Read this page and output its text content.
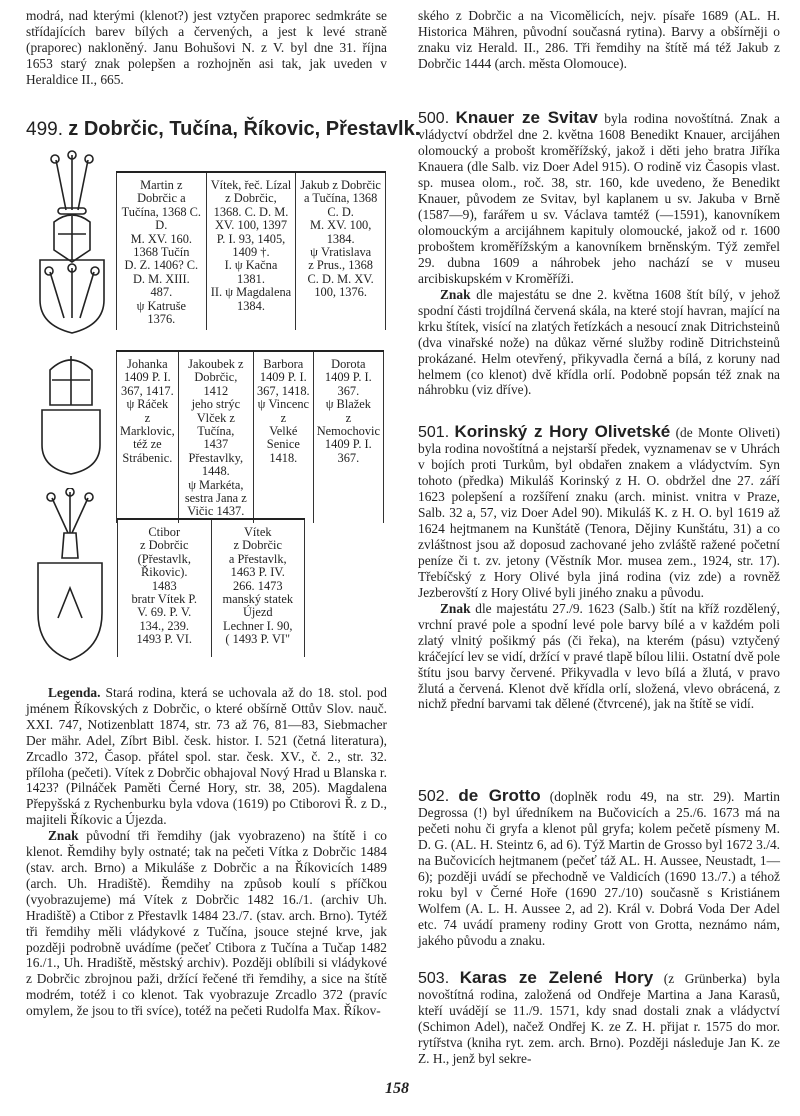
modrá, nad kterými (klenot?) jest vztyčen praporec sedmkráte se střídajících barev bílých a červených, a jest k levé straně (praporec) nakloněný. Janu Bohušovi N. z V. byl dne 31. října 1653 starý znak polepšen a rozhojněn asi tak, jak uveden v Heraldice II., 665.

499. z Dobrčic, Tučína, Říkovic, Přestavlk.
Martin z Dobrčic a Tučína, 1368 C. D.
M. XV. 160.
1368 Tučín
D. Z. 1406? C.
D. M. XIII.
487.
ψ Katruše
1376.	Vítek, řeč. Lízal z Dobrčic,
1368. C. D. M.
XV. 100, 1397
P. I. 93, 1405,
1409 †.
I. ψ Kačna
1381.
II. ψ Magdalena 1384.	Jakub z Dobrčic a Tučína, 1368 C. D.
M. XV. 100,
1384.
ψ Vratislava
z Prus., 1368
C. D. M. XV.
100, 1376.
Johanka
1409 P. I.
367, 1417.
ψ Ráček
z Marklovic, též ze
Strábenic.	Jakoubek z
Dobrčic, 1412
jeho strýc Vlček z Tučína,
1437 Přestavlky, 1448.
ψ Markéta,
sestra Jana z
Vičic 1437.	Barbora
1409 P. I.
367, 1418.
ψ Vincenc z
Velké Senice 1418.	Dorota
1409 P. I.
367.
ψ Blažek
z Nemochovic
1409 P. I.
367.
Ctibor
z Dobrčic
(Přestavlk,
Řikovic).
1483
bratr Vítek P.
V. 69. P. V.
134., 239.
1493 P. VI.	Vítek
z Dobrčic
a Přestavlk,
1463 P. IV.
266. 1473
manský statek
Újezd
Lechner I. 90,
( 1493 P. VI"

Legenda. Stará rodina, která se uchovala až do 18. stol. pod jménem Říkovských z Dobrčic, o které obšírně Ottův Slov. nauč. XXI. 747, Notizenblatt 1874, str. 73 až 76, 81—83, Siebmacher Der mähr. Adel, Zíbrt Bibl. česk. histor. I. 521 (četná literatura), Zrcadlo 372, Časop. přátel spol. star. česk. XV., č. 2., str. 32. příloha (pečeti). Vítek z Dobrčic obhajoval Nový Hrad u Blanska r. 1423? (Pilnáček Paměti Černé Hory, str. 38, 205). Magdalena Přepyšská z Rychenburku byla vdova (1619) po Ctiborovi Ř. z D., majiteli Říkovic a Újezda.

Znak původní tři řemdihy (jak vyobrazeno) na štítě i co klenot. Řemdihy byly ostnaté; tak na pečeti Vítka z Dobrčic 1484 (stav. arch. Brno) a Mikuláše z Dobrčic a na Říkovicích 1489 (arch. Uh. Hradiště). Řemdihy na způsob koulí s příčkou (vyobrazujeme) má Vítek z Dobrčic 1482 16./1. (archiv Uh. Hradiště) a Ctibor z Přestavlk 1484 23./7. (stav. arch. Brno). Tytéž tři řemdihy měli vládykové z Tučína, jsouce stejné krve, jak později podrobně uvádíme (pečeť Ctibora z Tučína a Tučap 1482 16./1., Uh. Hradiště, městský archiv). Později oblíbili si vládykové z Dobrčic zbrojnou paži, držící řečené tři řemdihy, a sice na štítě modrém, totéž i co klenot. Tak vyobrazuje Zrcadlo 372 (pravíc omylem, že jsou to tři svíce), totéž na pečeti Rudolfa Max. Říkov-

ského z Dobrčic a na Vicomělicích, nejv. písaře 1689 (AL. H. Historica Mähren, původní současná rytina). Barvy a obšírněji o znaku viz Herald. II., 286. Tři řemdihy na štítě má též Jakub z Dobrčic 1444 (arch. města Olomouce).

500. Knauer ze Svitav byla rodina novoštítná. Znak a vládyctví obdržel dne 2. května 1608 Benedikt Knauer, arcijáhen olomoucký a probošt kroměřížský, jakož i děti jeho bratra Jiříka Knauera (dle Salb. viz Doer Adel 915). O rodině viz Časopis vlast. sp. musea olom., roč. 38, str. 160, kde uvedeno, že Benedikt Knauer, původem ze Svitav, byl kaplanem u sv. Jakuba v Brně (1587—9), farářem u sv. Václava tamtéž (—1591), kanovníkem olomouckým a arcijáhnem kapituly olomoucké, jakož od r. 1600 proboštem kroměřížským a kanovníkem brněnským. Týž zemřel 29. dubna 1609 a náhrobek jeho nachází se v museu arcibiskupském v Kroměříži.

Znak dle majestátu se dne 2. května 1608 štít bílý, v jehož spodní části trojdílná červená skála, na které stojí havran, mající na krku štítek, visící na zlatých řetízkách a nesoucí znak Ditrichsteinů (dva vinařské nože) na důkaz věrné služby rodině Ditrichsteinů prokázané. Helm otevřený, přikyvadla černá a bílá, z koruny nad helmem (co klenot) dvě křídla orlí. Podobně popsán též znak na náhrobku (viz dříve).

501. Korinský z Hory Olivetské (de Monte Oliveti) byla rodina novoštítná a nejstarší předek, vyznamenav se v Uhrách v bojích proti Turkům, byl obdařen znakem a vládyctvím. Syn tohoto (předka) Mikuláš Korinský z H. O. obdržel dne 27. září 1623 polepšení a rozšíření znaku (arch. minist. vnitra v Praze, Salb. 32 a, 57, viz Doer Adel 90). Mikuláš K. z H. O. byl 1619 až 1624 hejtmanem na Kunštátě (Tenora, Dějiny Kunštátu, 31) a co zvláštnost jsou až doposud zachované jeho zvláště ražené početní peníze či t. zv. jetony (Věstník Mor. musea zem., 1924, str. 17). Třebíčský z Hory Olivé byla jiná rodina (viz zde) a rovněž Jezberovští z Hory Olivé byli jiného znaku a původu.

Znak dle majestátu 27./9. 1623 (Salb.) štít na kříž rozdělený, vrchní pravé pole a spodní levé pole barvy bílé a v každém poli zlatý vlnitý pošikmý pás (či řeka), na kterém (pásu) vztyčený kráčející lev se vidí, držící v pravé tlapě bílou lilii. Ostatní dvě pole štítu jsou barvy červené. Přikyvadla v levo bílá a žlutá, v pravo žlutá a červená. Klenot dvě křídla orlí, složená, vlevo obrácená, z nichž přední barvami tak dělené (čtvrcené), jak na štítě se vidí.

502. de Grotto (doplněk rodu 49, na str. 29). Martin Degrossa (!) byl úředníkem na Bučovicích a 25./6. 1673 má na pečeti nohu či gryfa a klenot půl gryfa; kolem pečetě písmeny M. D. G. (AL. H. Steintz 6, ad 6). Týž Martin de Grosso byl 1672 3./4. na Bučovicích hejtmanem (pečeť táž AL. H. Aussee, Neustadt, 1—6); později uvádí se přechodně ve Valdicích (1690 13./7.) a téhož roku byl v Černé Hoře (1690 27./10) současně s Kristiánem Wolfem (A. L. H. Aussee 2, ad 2). Král v. Dobrá Voda Der Adel etc. 74 uvádí prameny rodiny Grott von Grotta, neznámo nám, jakého původu a znaku.

503. Karas ze Zelené Hory (z Grünberka) byla novoštítná rodina, založená od Ondřeje Martina a Jana Karasů, kteří uvádějí se 11./9. 1571, kdy snad dostali znak a vládyctví (Schimon Adel), načež Ondřej K. ze Z. H. přijat r. 1575 do mor. rytířstva (kniha ryt. zem. arch. Brno). Později následuje Jan K. ze Z. H., jenž byl sekre-

158
